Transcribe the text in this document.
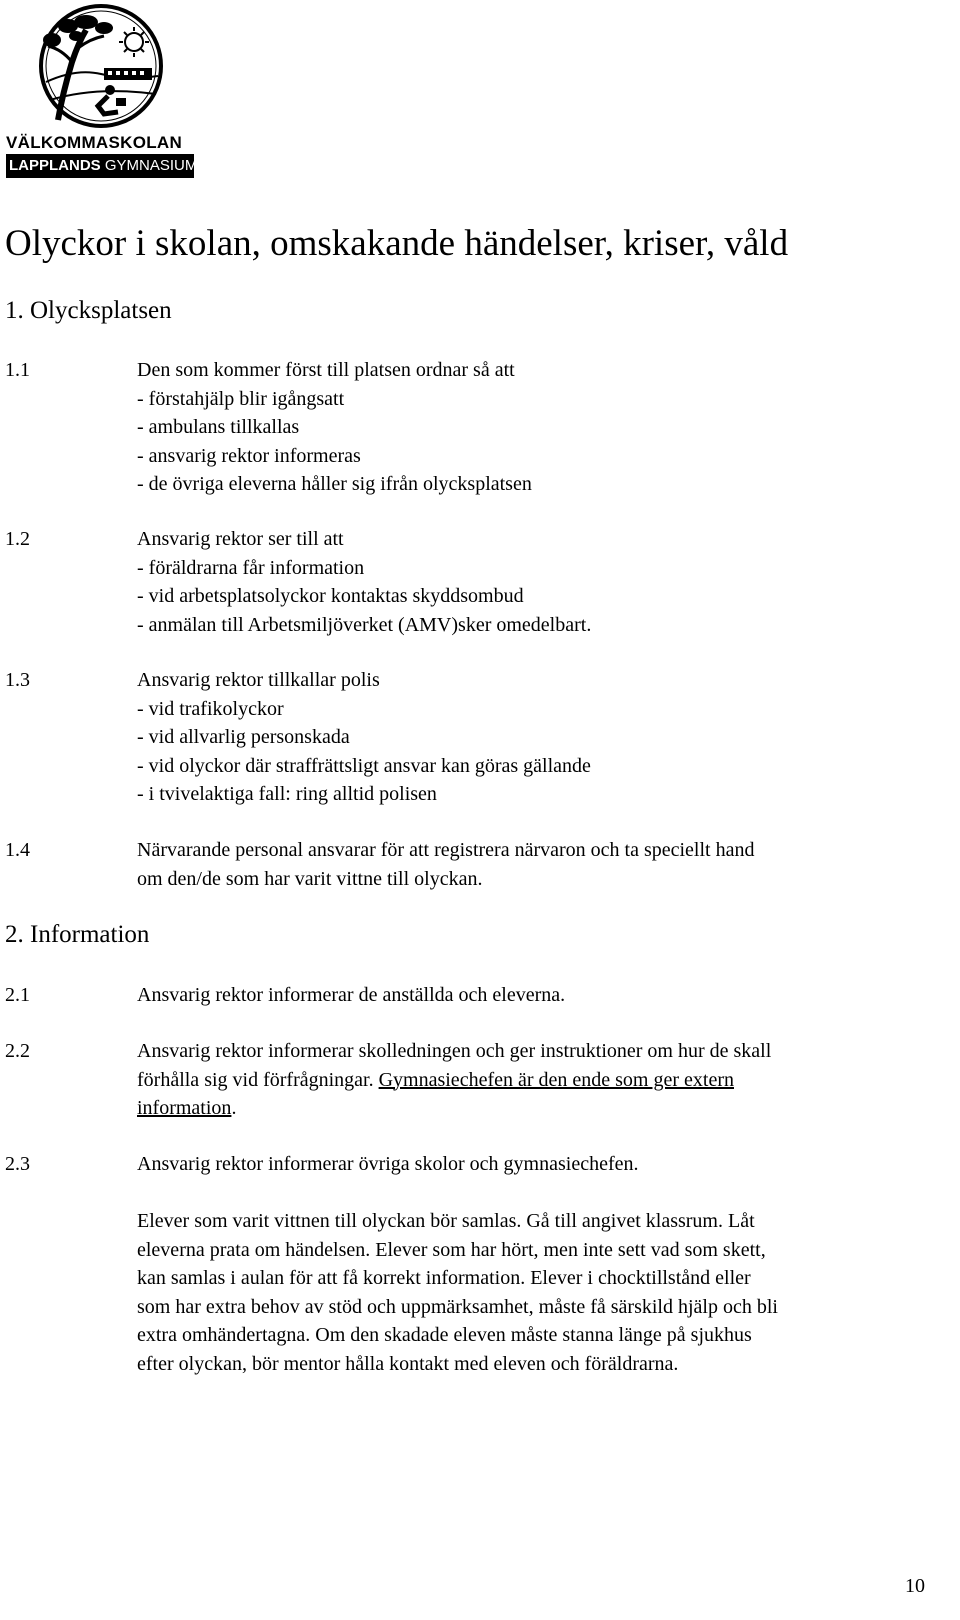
VÄLKOMMASKOLAN
LAPPLANDS GYMNASIUM
Olyckor i skolan, omskakande händelser, kriser, våld
1. Olycksplatsen
1.1	Den som kommer först till platsen ordnar så att
- förstahjälp blir igångsatt
- ambulans tillkallas
- ansvarig rektor informeras
- de övriga eleverna håller sig ifrån olycksplatsen
1.2	Ansvarig rektor ser till att
- föräldrarna får information
- vid arbetsplatsolyckor kontaktas skyddsombud
- anmälan till Arbetsmiljöverket (AMV)sker omedelbart.
1.3	Ansvarig rektor tillkallar polis
- vid trafikolyckor
- vid allvarlig personskada
- vid olyckor där straffrättsligt ansvar kan göras gällande
- i tvivelaktiga fall: ring alltid polisen
1.4	Närvarande personal ansvarar för att registrera närvaron och ta speciellt hand
om den/de som har varit vittne till olyckan.
2. Information
2.1	Ansvarig rektor informerar de anställda och eleverna.
2.2	Ansvarig rektor informerar skolledningen och ger instruktioner om hur de skall
förhålla sig vid förfrågningar. Gymnasiechefen är den ende som ger extern
information.
2.3	Ansvarig rektor informerar övriga skolor och gymnasiechefen.
Elever som varit vittnen till olyckan bör samlas. Gå till angivet klassrum. Låt
eleverna prata om händelsen. Elever som har hört, men inte sett vad som skett,
kan samlas i aulan för att få korrekt information. Elever i chocktillstånd eller
som har extra behov av stöd och uppmärksamhet, måste få särskild hjälp och bli
extra omhändertagna. Om den skadade eleven måste stanna länge på sjukhus
efter olyckan, bör mentor hålla kontakt med eleven och föräldrarna.
10
